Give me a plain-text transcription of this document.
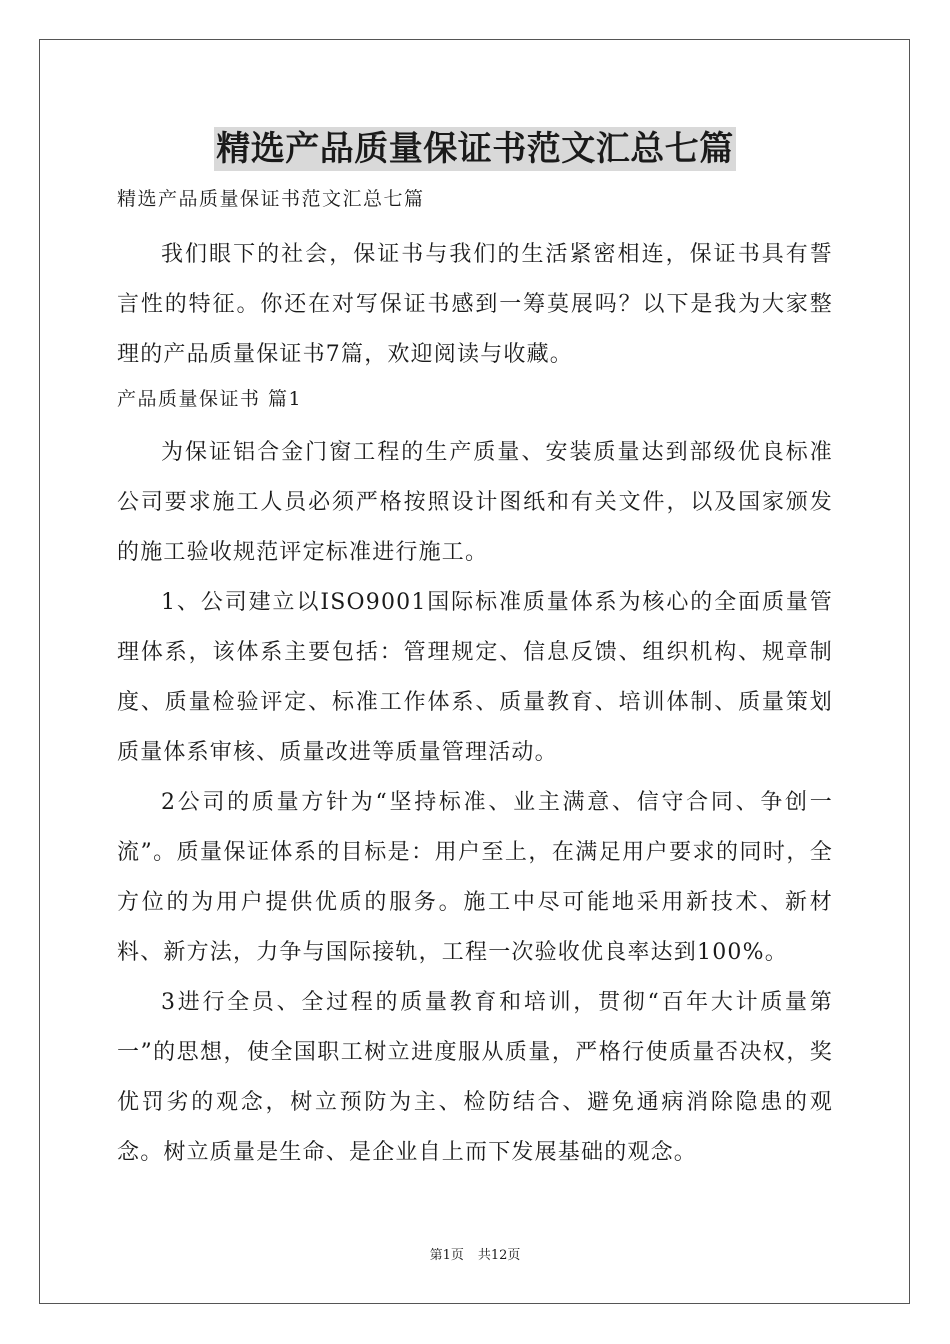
精选产品质量保证书范文汇总七篇

精选产品质量保证书范文汇总七篇

我们眼下的社会，保证书与我们的生活紧密相连，保证书具有誓言性的特征。你还在对写保证书感到一筹莫展吗？以下是我为大家整理的产品质量保证书7篇，欢迎阅读与收藏。

产品质量保证书 篇1

为保证铝合金门窗工程的生产质量、安装质量达到部级优良标准公司要求施工人员必须严格按照设计图纸和有关文件，以及国家颁发的施工验收规范评定标准进行施工。

1、公司建立以ISO9001国际标准质量体系为核心的全面质量管理体系，该体系主要包括：管理规定、信息反馈、组织机构、规章制度、质量检验评定、标准工作体系、质量教育、培训体制、质量策划质量体系审核、质量改进等质量管理活动。

2公司的质量方针为“坚持标准、业主满意、信守合同、争创一流”。质量保证体系的目标是：用户至上，在满足用户要求的同时，全方位的为用户提供优质的服务。施工中尽可能地采用新技术、新材料、新方法，力争与国际接轨，工程一次验收优良率达到100%。

3进行全员、全过程的质量教育和培训，贯彻“百年大计质量第一”的思想，使全国职工树立进度服从质量，严格行使质量否决权，奖优罚劣的观念，树立预防为主、检防结合、避免通病消除隐患的观念。树立质量是生命、是企业自上而下发展基础的观念。

第1页 共12页
